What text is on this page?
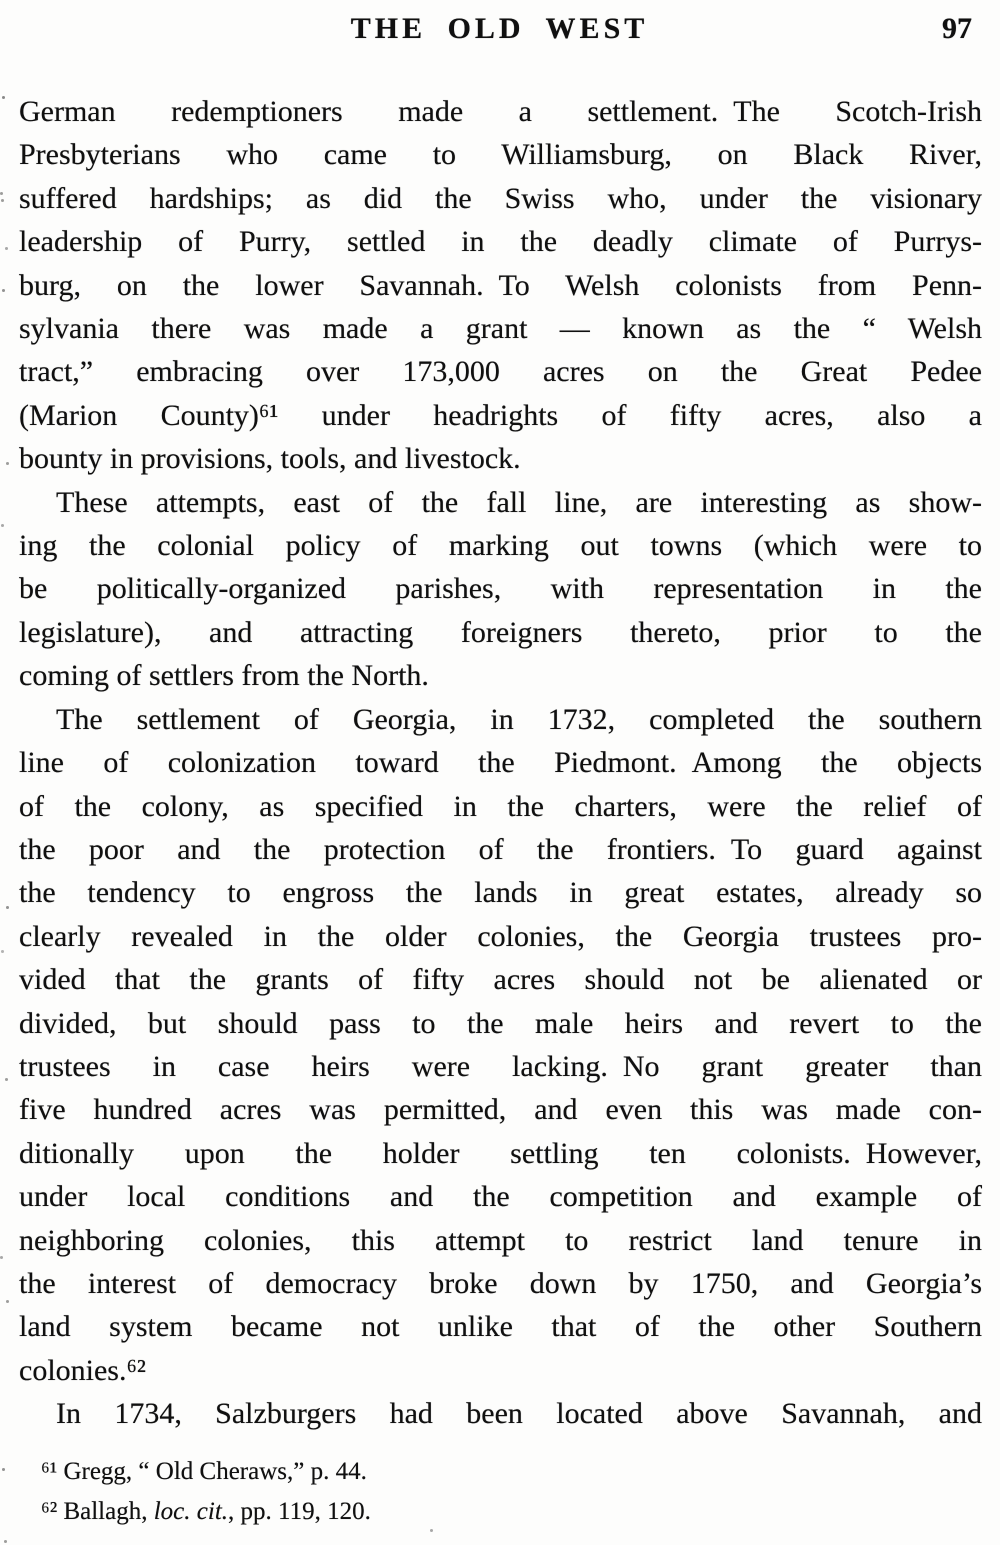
THE OLD WEST	97
German redemptioners made a settlement. The Scotch-Irish
Presbyterians who came to Williamsburg, on Black River,
suffered hardships; as did the Swiss who, under the visionary
leadership of Purry, settled in the deadly climate of Purrys-
burg, on the lower Savannah. To Welsh colonists from Penn-
sylvania there was made a grant — known as the “ Welsh
tract,” embracing over 173,000 acres on the Great Pedee
(Marion County)⁶¹ under headrights of fifty acres, also a
bounty in provisions, tools, and livestock.
These attempts, east of the fall line, are interesting as show-
ing the colonial policy of marking out towns (which were to
be politically-organized parishes, with representation in the
legislature), and attracting foreigners thereto, prior to the
coming of settlers from the North.
The settlement of Georgia, in 1732, completed the southern
line of colonization toward the Piedmont. Among the objects
of the colony, as specified in the charters, were the relief of
the poor and the protection of the frontiers. To guard against
the tendency to engross the lands in great estates, already so
clearly revealed in the older colonies, the Georgia trustees pro-
vided that the grants of fifty acres should not be alienated or
divided, but should pass to the male heirs and revert to the
trustees in case heirs were lacking. No grant greater than
five hundred acres was permitted, and even this was made con-
ditionally upon the holder settling ten colonists. However,
under local conditions and the competition and example of
neighboring colonies, this attempt to restrict land tenure in
the interest of democracy broke down by 1750, and Georgia’s
land system became not unlike that of the other Southern
colonies.⁶²
In 1734, Salzburgers had been located above Savannah, and
⁶¹ Gregg, “ Old Cheraws,” p. 44.
⁶² Ballagh, loc. cit., pp. 119, 120.
